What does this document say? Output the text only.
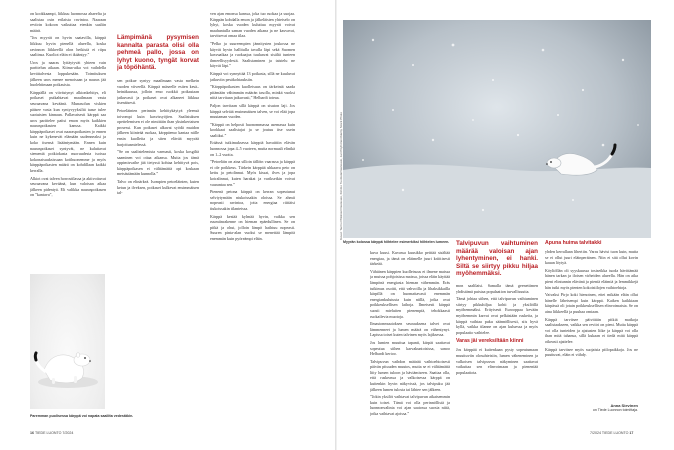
on kookkaampi, liikkuu luonnossa ahaeelta ja saalistaa osin erilaista ravintoa. Naaraan reviirin kokoon vaikuttaa etenkin saaliin määrä.

”Jos myyrät on hyvin saatavilla, kärppä liikkuu hyvin pienellä alueella, koska ravinnon liikkeellä olon hetkistä ei riipu saaliinsa. Kuoliot eläin ei ikääntyy.”

Uros ja naaras lyttäytyvät yhteen vain parittelun aikaan. Kiima-aika voi vaihdella kevättalvesta loppukesään. Toimituksen jälkeen uros menee menoisaan ja naaras jää huolehtimaan poikasista.

Kärppällä on viivästynyt alkionkehitys, eli poikaset putkahtavat maailmaan vasta seuraavana keväänä. Munasolun viskien pääsee vasta kun syntyvyyksiltä taase tulee suotuisten kinnaan. Pallavaisesti kärppä saa uros parittelee paitsi emon myös kaikkien naaraspoikasten kanssa. Kaikki kärppäpoikaset ovat naaraspoikasten jo ennen kuin ne kykenevät elämään uudenneaksi ja koko itsensä lisääntymään. Ennen kuin naaraspoikaset syntyvät, ne kuluttavat siemeniä poikiokasta nuoruudesta isoissa kokonaisuuksissaan kotihuonemme ja myös kärppäpoikasten määrä on kohdillaan kaikki kerralla.

Alkiot ovat talven horrostilassa ja aktivoituvat seuraavana keväänä, kun valoisan aikaa jälkeen pidentyä. Eli valikka naaraspoikasen on ”kantava”,

Lämpimänä pysymisen kannalta parasta olisi olla pehmeä pallo, jossa on lyhyt kuono, tyngät korvat ja töpöhäntä.

sen poikue syntyy maailmaan vasta melkein vuoden viiveellä. Kärppä mäseelle esiten kesä–heinäkuussa, jolloin emo ruokkii poikasiaan jatkuvasti ja poikaset ovat alkaneet liikkua itsenäisesti.

Petoeläinten perinnän kehittykäytyä yleensä toivompi kuin kasvissyöjien. Saalistuksen opettelemisen ei ole nimittäin ihan yksinkertaisen prosessi. Kun poikaset alkavat syödä muidon jälkeen kiinteää ruokaa, kärppäemo kantaa niille ensin kuolleita ja siten elävää myyrää harjoitusmielessä.

”Se on saalistelemista varmasti, koska kosgiltä saaminen voi ottaa aikansa. Mutta jos tämä oppimisvaihe jää tietyssä kohtaa kehittyvä pois, kärppäpoikasen ei välttämättä opi koskaan metsästämään kunnolla.”

Talvo on elinärkeä. Isompien petoeläinten, kuten ketun ja ilveksen, poikaset kulkevat ensimmäisen tal-

ven ajan emonsa kanssa, joka tuo ruokaa ja suojaa. Kärppän kohdalla emon ja jälkeläisten yhteiselo on lyhyt, koska vuoden kuluttua myyrät voivat maahantulla saman vuoden aikana ja ne kasvavat, tarvitsevat omaa tilaa.

”Pelko ja suureempien jännitysten joukossa ne käyvät hyvin hallitulla tavalla läpi sekä Suomen kasvuaikaa ja ruokaajoa tuulaavat sisältä tunteen ihmeellisyydestä. Saalistaminen ja taistelu ne käyvät läpi.”

Kärppä voi synnyttää 13 poikasta, sillä ne kuuluvat jatkuviin pesäkohtauksiin.

”Kärppäpoikasten kuolleisuus on tärkeintä saada pitämään vähimmän määrän tasolla, minkä vuoksi niitä tarvitaan jatkuvasti,” Helbardt toteaa.

Paljon tarvitaan sillä kärppä on sisuton laji. Jos kärppä selviää ensimmäisen talven, se voi elää jopa muutaman vuoden.

”Kärppä on helposti huonommassa asemassa kuin kookkaat saalistajat ja se joutuu itse usein saaliiksi.”

Eräässä tutkimuksessa kärppiä havaittiin elävän luonnossa jopa 4–5 vuoteen, mutta normaali elinikä on 1–2 vuotta.

”Petoeläin on aina silloin tällöin vaarassa ja kärppä ei ole poikkeus. Tärkein kärppää uhkaava peto on kettu ja petolinnut. Myös kissat, ilves ja jopa koiralinnut, kuten harakat ja variksetkin voivat vaarantaa sen.”

Pienenä petona kärppä on kerran sopeutunut selviytymään niukoissakin oloissa. Se ahmii nopeasti ravintoa, jotta energiaa riittäisi tiukoissakin tilanteissa.

Kärppä kestää kylmää hyvin, vaikka sen ruumiinrakenne on hieman epäedullinen. Se on pitkä ja ohut, jolloin lämpö haihtuu nopeasti. Suuren pinta-alan vuoksi se menettää lämpöä enemmän kuin pyöreämpi eläin.

Paremman puolisessa kärppä voi napata saaliita vedestäkin.
16 TIEDE LUONTO 7/2024
Myyrän kolossa kärppä hiihtelee esimerkiksi hiihtelen lumeen.
Kuvat: Tarmo Pitkänen/Vastavalo, Kimmo Tuomela/Vastavalo, Jari Pöyhönen/Alamy Stock Photo

kuva kuusi. Kuvassa kuusikko peittää sisältää energiaa, ja tämä on eläimelle juuri kriittisesti tärkeää.

Vähäinen kärppien kuolleisuus ei ilmene maissa ja muissa pohjoisissa maissa, joissa eläin käyttää lämpönä energiasta hieman vähemmän. Eräs tutkimus osoitti, että vahvoilla ja lihaksikkailla kärpillä on huomattavasti enemmän energiankulutusta kuin niillä, jotka ovat poikkeuksellisen laihoja. Ilmeisesti kärppä suosii mieluiten pienempiä, tehokkaasti ruokailevia muotoja.

Ilmastonmuutoksen seurauksena talvet ovat lämmenneet ja lumen määrä on vähentynyt. Lapissa toiset kuten talvinen myös lajiksessa.

Jos lumien muuttua tapanti, kärpät saattavat sopeutua siihen karvakuntoisissa, sanoo Helbardt kertoo.

Talvipuvun vaihdon määrää vaihtoehtoisesti päivän pituuden muutos, mutta se ei välttämättä liity lumen tuloon ja häviämiseen. Saattaa olla, että ruskeassa ja valkoisessa kärppä on kuitenkin hyvin näkyvissä, jos talvipuku jää jälkeen lumen tulosta tai lähtee sen jälkeen.

”Jokin yksilöt vaihtavat talvipuvun aikaisemmin kuin toiset. Tämä voi olla perinnöllistä ja luonnonvalinta voi ajan saatossa suosia niitä, jotka vaihtavat ajoissa.”

Talvipuvun vaihtuminen määrää valoisan ajan lyhentyminen, ei hanki. Siltä se siirtyy pikku hiljaa myöhemmäksi.

mon saalilaisi. Samalla tämä geenettimen yhdistämä puistaa populaation turvallisuutta.

Tämä johtaa siihen, että talvipuvun vaihtuminen siirtyy pikkuhiljaa kohti ja yksilöillä myöhemmäksi. Erityisesti Eurooppaa kevään myöhemmin karvat ovat pelkästään ruskeita, ja kärppä vaihtaa puku säännöllisesti, siis hyvä kyllä, vaikka tilanne on ajan kuluessa ja myös populaatio vaihtelee.

Varas jäi vereksiltään kiinni

Jos kärppää ei kuitenkaan pysty sopeutumaan muuttuviin olosuhteisiin, lumen väheneminen ja valkoisen talvipuvun näkyminen saattavat vaikuttaa sen elinvoimaan ja pienentää populaatiota.

Apuna huima talvitakki

yhden kerrallaan lihertiin. Varas hävisi tuon kuin, mutta se ei ollut juuri eläinperäinen. Niin ei sitä ollut kovin kauan löytyä.

Köyliöllän oli syyskuussa tosiseikka tuoda hävittämää hänen tarkan ja iloisen virheiden alueella. Hän on aika pieni elintunnin elävänä ja pieniä eläimiä ja lemmikkejä hän tutki myös pienten kokoistilojen vaihtoehtoja.

Vaivaksi Pirjo koki hienoinen, ettei mikään eläin ollut hänelle läheisempi kuin kärppä. Kaiken kaikkiaan kärpässä oli jotain poikkeuksellisen elinvoimaista. Se on aina liikkeellä ja puuhaa omiaan.

Kärppä tarvitsee päivittäin pitkiä matkoja saalistaakseen, vaikka sen reviiri on pieni. Mutta kärppä voi olla tunteiden ja ajatusten liike ja kärppä voi olla ihan mitä tahansa, sillä kukaan ei tiedä mitä kärppä oikeasti ajattelee.

Kärppä tarvitsee myös suojaisia piilopaikkoja. Jos ne puuttuvat, eläin ei viihdy.

Anna Sievinen
on Tiede Luonnon toimittaja.
7/2024 TIEDE LUONTO 17
